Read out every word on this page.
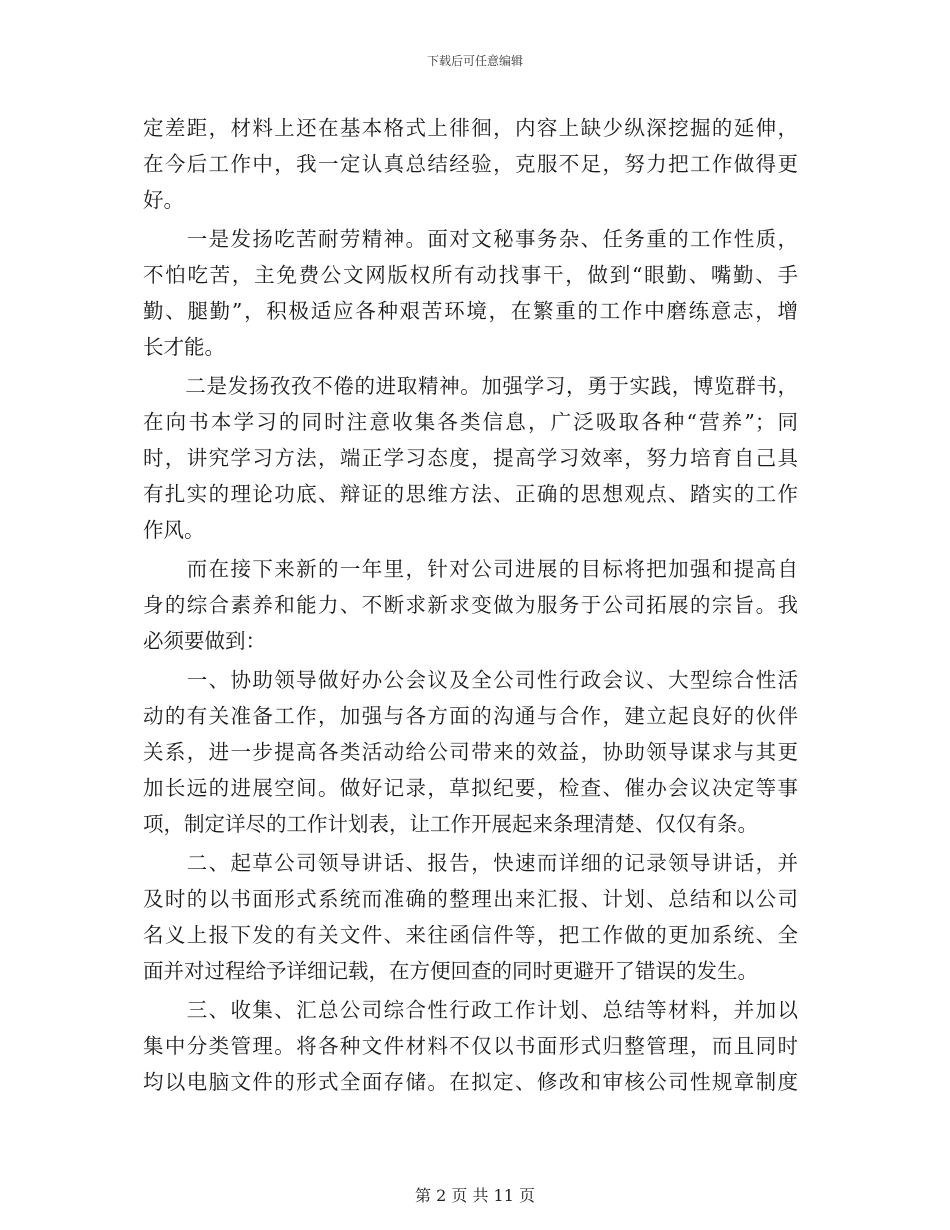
下载后可任意编辑
定差距，材料上还在基本格式上徘徊，内容上缺少纵深挖掘的延伸，
在今后工作中，我一定认真总结经验，克服不足，努力把工作做得更
好。
　　一是发扬吃苦耐劳精神。面对文秘事务杂、任务重的工作性质，
不怕吃苦，主免费公文网版权所有动找事干，做到“眼勤、嘴勤、手
勤、腿勤”，积极适应各种艰苦环境，在繁重的工作中磨练意志，增
长才能。
　　二是发扬孜孜不倦的进取精神。加强学习，勇于实践，博览群书，
在向书本学习的同时注意收集各类信息，广泛吸取各种“营养”；同
时，讲究学习方法，端正学习态度，提高学习效率，努力培育自己具
有扎实的理论功底、辩证的思维方法、正确的思想观点、踏实的工作
作风。
　　而在接下来新的一年里，针对公司进展的目标将把加强和提高自
身的综合素养和能力、不断求新求变做为服务于公司拓展的宗旨。我
必须要做到：
　　一、协助领导做好办公会议及全公司性行政会议、大型综合性活
动的有关准备工作，加强与各方面的沟通与合作，建立起良好的伙伴
关系，进一步提高各类活动给公司带来的效益，协助领导谋求与其更
加长远的进展空间。做好记录，草拟纪要，检查、催办会议决定等事
项，制定详尽的工作计划表，让工作开展起来条理清楚、仅仅有条。
　　二、起草公司领导讲话、报告，快速而详细的记录领导讲话，并
及时的以书面形式系统而准确的整理出来汇报、计划、总结和以公司
名义上报下发的有关文件、来往函信件等，把工作做的更加系统、全
面并对过程给予详细记载，在方便回查的同时更避开了错误的发生。
　　三、收集、汇总公司综合性行政工作计划、总结等材料，并加以
集中分类管理。将各种文件材料不仅以书面形式归整管理，而且同时
均以电脑文件的形式全面存储。在拟定、修改和审核公司性规章制度
第 2 页 共 11 页
